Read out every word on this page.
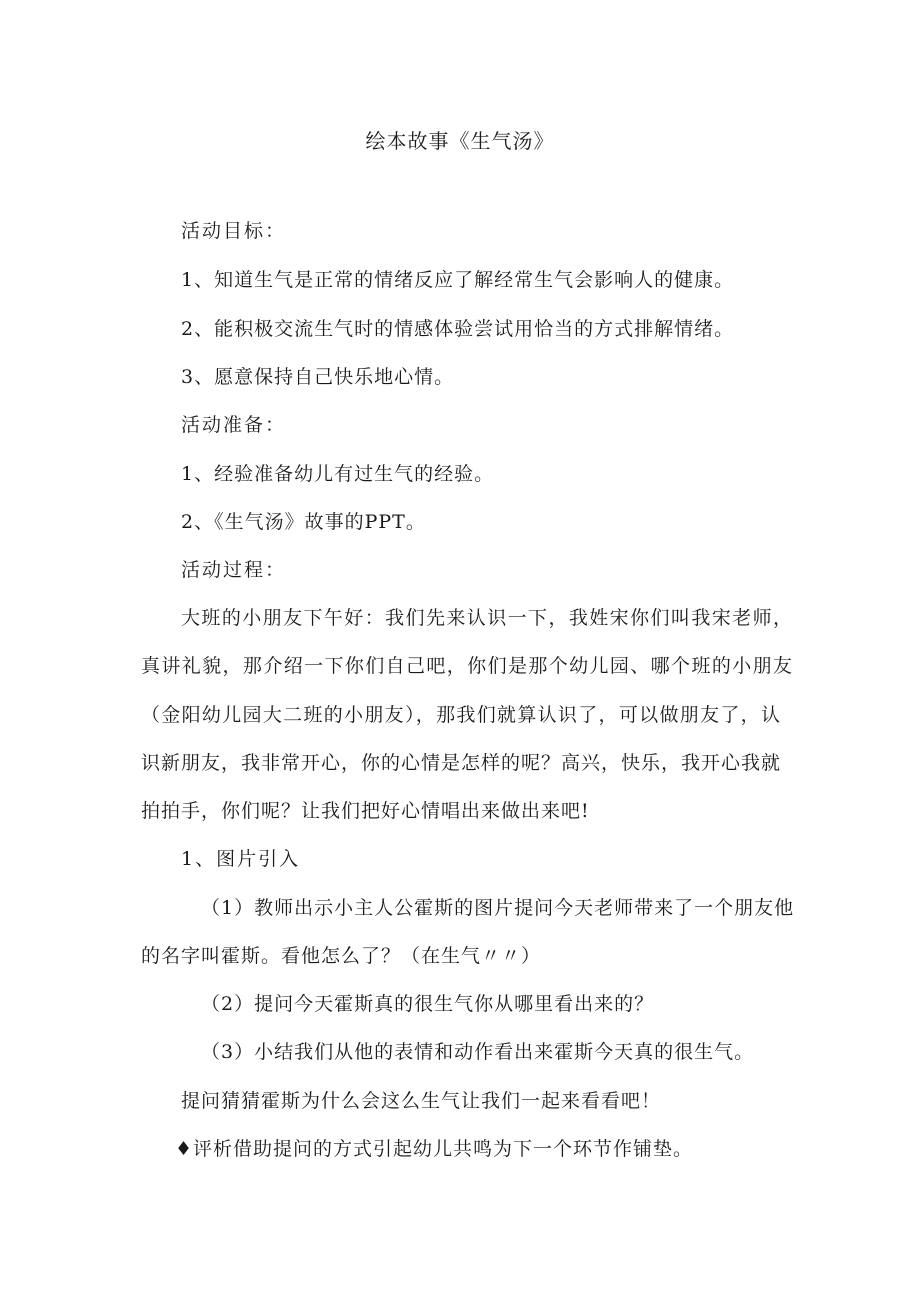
绘本故事《生气汤》
活动目标：
1、知道生气是正常的情绪反应了解经常生气会影响人的健康。
2、能积极交流生气时的情感体验尝试用恰当的方式排解情绪。
3、愿意保持自己快乐地心情。
活动准备：
1、经验准备幼儿有过生气的经验。
2、《生气汤》故事的PPT。
活动过程：
大班的小朋友下午好：我们先来认识一下，我姓宋你们叫我宋老师，
真讲礼貌，那介绍一下你们自己吧，你们是那个幼儿园、哪个班的小朋友
（金阳幼儿园大二班的小朋友），那我们就算认识了，可以做朋友了，认
识新朋友，我非常开心，你的心情是怎样的呢？高兴，快乐，我开心我就
拍拍手，你们呢？让我们把好心情唱出来做出来吧!
1、图片引入
（1）教师出示小主人公霍斯的图片提问今天老师带来了一个朋友他
的名字叫霍斯。看他怎么了？（在生气〃〃）
（2）提问今天霍斯真的很生气你从哪里看出来的？
（3）小结我们从他的表情和动作看出来霍斯今天真的很生气。
提问猜猜霍斯为什么会这么生气让我们一起来看看吧！
♦评析借助提问的方式引起幼儿共鸣为下一个环节作铺垫。
